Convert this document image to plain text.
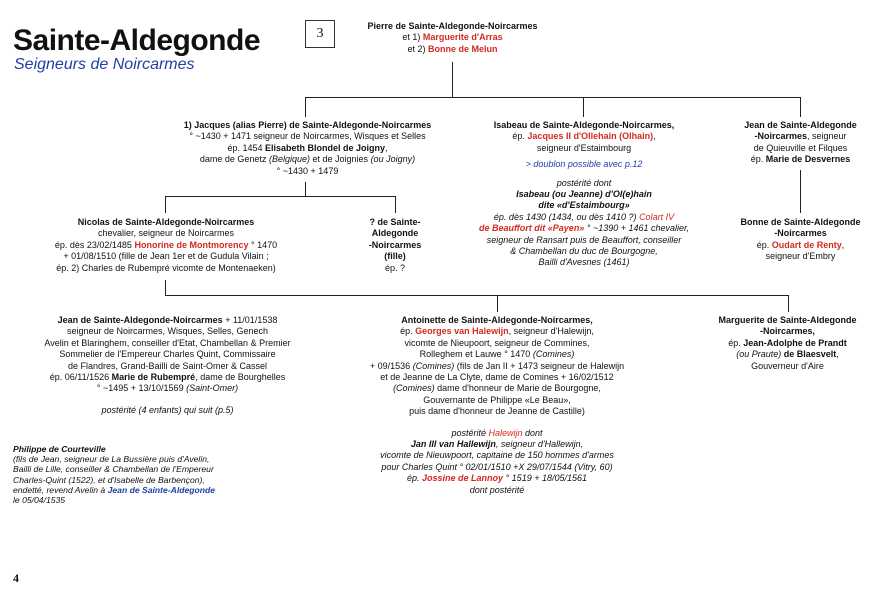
Sainte-Aldegonde
Seigneurs de Noircarmes
3
4
Pierre de Sainte-Aldegonde-Noircarmes
et 1) Marguerite d'Arras
et 2) Bonne de Melun
1) Jacques (alias Pierre) de Sainte-Aldegonde-Noircarmes
° ~1430 + 1471 seigneur de Noircarmes, Wisques et Selles
ép. 1454 Elisabeth Blondel de Joigny,
dame de Genetz (Belgique) et de Joignies (ou Joigny)
° ~1430 + 1479
Isabeau de Sainte-Aldegonde-Noircarmes,
ép. Jacques II d'Ollehain (Olhain),
seigneur d'Estaimbourg
> doublon possible avec p.12
postérité dont
Isabeau (ou Jeanne) d'Ol(e)hain
dite «d'Estaimbourg»
ép. dès 1430 (1434, ou dès 1410 ?) Colart IV
de Beauffort dit «Payen» ° ~1390 + 1461 chevalier,
seigneur de Ransart puis de Beauffort, conseiller
& Chambellan du duc de Bourgogne,
Bailli d'Avesnes (1461)
Jean de Sainte-Aldegonde
-Noircarmes, seigneur
de Quieuville et Filques
ép. Marie de Desvernes
Bonne de Sainte-Aldegonde
-Noircarmes
ép. Oudart de Renty,
seigneur d'Embry
Nicolas de Sainte-Aldegonde-Noircarmes
chevalier, seigneur de Noircarmes
ép. dès 23/02/1485 Honorine de Montmorency ° 1470
+ 01/08/1510 (fille de Jean 1er et de Gudula Vilain ;
ép. 2) Charles de Rubempré vicomte de Montenaeken)
? de Sainte-
Aldegonde
-Noircarmes
(fille)
ép. ?
Jean de Sainte-Aldegonde-Noircarmes + 11/01/1538
seigneur de Noircarmes, Wisques, Selles, Genech
Avelin et Blaringhem, conseiller d'Etat, Chambellan & Premier
Sommelier de l'Empereur Charles Quint, Commissaire
de Flandres, Grand-Bailli de Saint-Omer & Cassel
ép. 06/11/1526 Marie de Rubempré, dame de Bourghelles
° ~1495 + 13/10/1569 (Saint-Omer)
postérité (4 enfants) qui suit (p.5)
Antoinette de Sainte-Aldegonde-Noircarmes,
ép. Georges van Halewijn, seigneur d'Halewijn,
vicomte de Nieupoort, seigneur de Commines,
Rolleghem et Lauwe ° 1470 (Comines)
+ 09/1536 (Comines) (fils de Jan II + 1473 seigneur de Halewijn
et de Jeanne de La Clyte, dame de Comines + 16/02/1512
(Comines) dame d'honneur de Marie de Bourgogne,
Gouvernante de Philippe «Le Beau»,
puis dame d'honneur de Jeanne de Castille)
postérité Halewijn dont
Jan III van Hallewijn, seigneur d'Hallewijn,
vicomte de Nieuwpoort, capitaine de 150 hommes d'armes
pour Charles Quint ° 02/01/1510 +X 29/07/1544 (Vitry, 60)
ép. Jossine de Lannoy ° 1519 + 18/05/1561
dont postérité
Marguerite de Sainte-Aldegonde
-Noircarmes,
ép. Jean-Adolphe de Prandt
(ou Praute) de Blaesvelt,
Gouverneur d'Aire
Philippe de Courteville
(fils de Jean, seigneur de La Bussière puis d'Avelin,
Bailli de Lille, conseiller & Chambellan de l'Empereur
Charles-Quint (1522), et d'Isabelle de Barbençon),
endetté, revend Avelin à Jean de Sainte-Aldegonde
le 05/04/1535
